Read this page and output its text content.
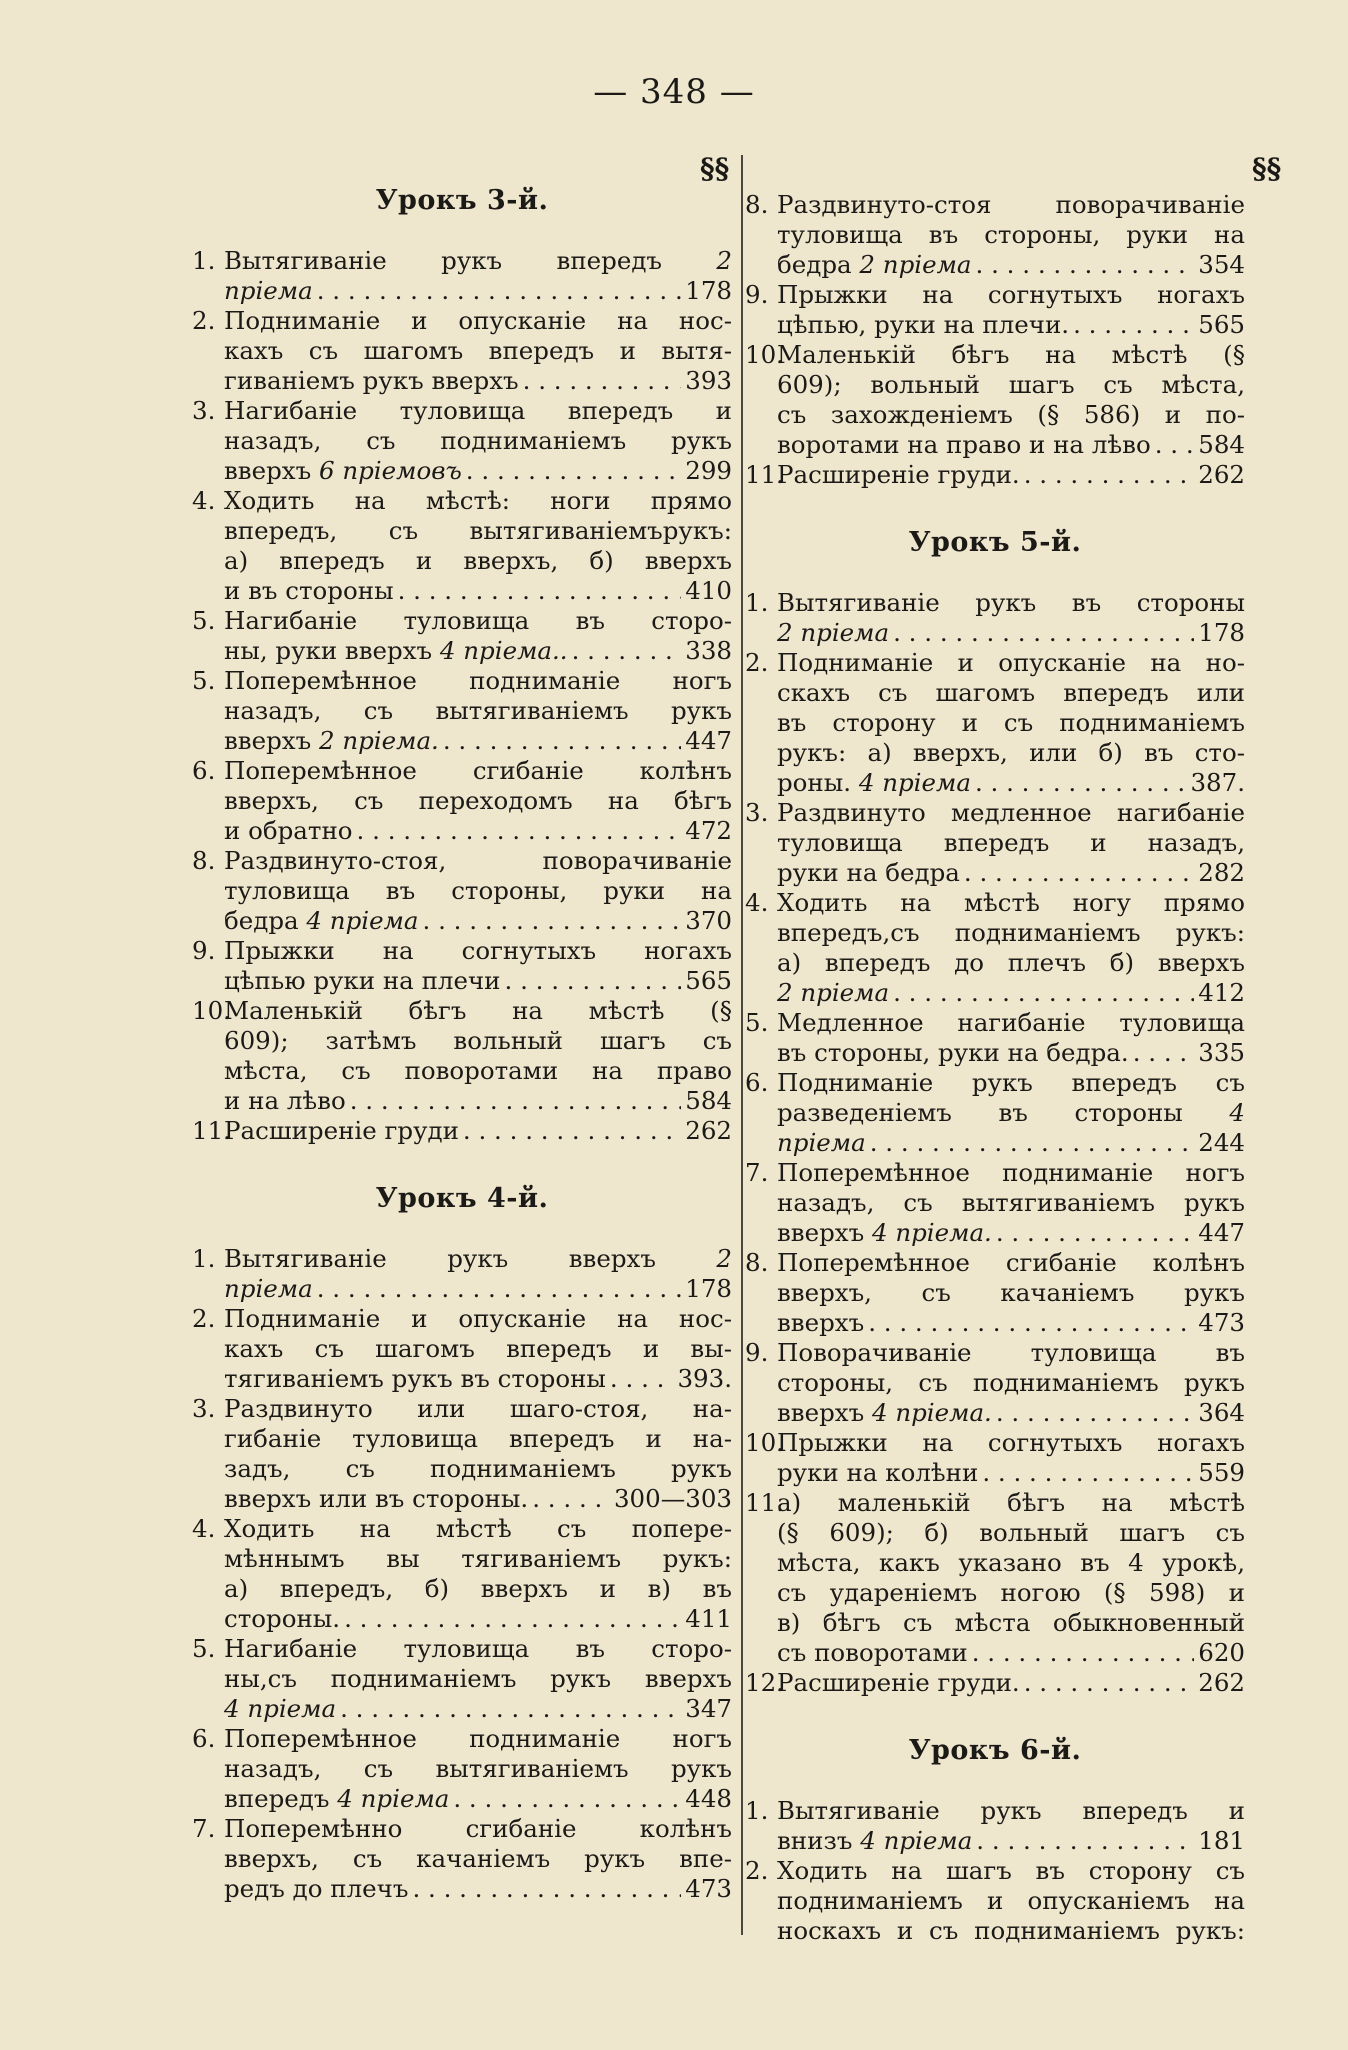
— 348 —
§§	§§
Урокъ 3-й.
1. Вытягиваніе рукъ впередъ 2
пріема . . .	178
2. Подниманіе и опусканіе на нос-
кахъ съ шагомъ впередъ и вытя-
гиваніемъ рукъ вверхъ . . .	393
3. Нагибаніе туловища впередъ и
назадъ, съ подниманіемъ рукъ
вверхъ 6 пріемовъ . . .	299
4. Ходить на мѣстѣ: ноги прямо
впередъ, съ вытягиваніемърукъ:
а) впередъ и вверхъ, б) вверхъ
и въ стороны . . .	410
5. Нагибаніе туловища въ сторо-
ны, руки вверхъ 4 пріема.. . . .	338
5. Поперемѣнное подниманіе ногъ
назадъ, съ вытягиваніемъ рукъ
вверхъ 2 пріема. . . .	447
6. Поперемѣнное сгибаніе колѣнъ
вверхъ, съ переходомъ на бѣгъ
и обратно . . .	472
8. Раздвинуто-стоя, поворачиваніе
туловища въ стороны, руки на
бедра 4 пріема . . .	370
9. Прыжки на согнутыхъ ногахъ
цѣпью руки на плечи . . .	565
10.
Маленькій бѣгъ на мѣстѣ (§
609); затѣмъ вольный шагъ съ
мѣста, съ поворотами на право
и на лѣво . . .	584
11.
Расширеніе груди . . .	262
Урокъ 4-й.
1. Вытягиваніе рукъ вверхъ 2
пріема . . .	178
2. Подниманіе и опусканіе на нос-
кахъ съ шагомъ впередъ и вы-
тягиваніемъ рукъ въ стороны . . .	393.
3. Раздвинуто или шаго-стоя, на-
гибаніе туловища впередъ и на-
задъ, съ подниманіемъ рукъ
вверхъ или въ стороны. . . .	300—303
4. Ходить на мѣстѣ съ попере-
мѣннымъ вы тягиваніемъ рукъ:
а) впередъ, б) вверхъ и в) въ
стороны. . . .	411
5. Нагибаніе туловища въ сторо-
ны,съ подниманіемъ рукъ вверхъ
4 пріема . . .	347
6. Поперемѣнное подниманіе ногъ
назадъ, съ вытягиваніемъ рукъ
впередъ 4 пріема . . .	448
7. Поперемѣнно сгибаніе колѣнъ
вверхъ, съ качаніемъ рукъ впе-
редъ до плечъ . . .	473
8. Раздвинуто-стоя поворачиваніе
туловища въ стороны, руки на
бедра 2 пріема . . .	354
9. Прыжки на согнутыхъ ногахъ
цѣпью, руки на плечи. . . .	565
10.
Маленькій бѣгъ на мѣстѣ (§
609); вольный шагъ съ мѣста,
съ захожденіемъ (§ 586) и по-
воротами на право и на лѣво . . . 584
11.
Расширеніе груди. . . .	262
Урокъ 5-й.
1. Вытягиваніе рукъ въ стороны
2 пріема . . .	178
2. Подниманіе и опусканіе на но-
скахъ съ шагомъ впередъ или
въ сторону и съ подниманіемъ
рукъ: а) вверхъ, или б) въ сто-
роны. 4 пріема . . .	387.
3. Раздвинуто медленное нагибаніе
туловища впередъ и назадъ,
руки на бедра . . .	282
4. Ходить на мѣстѣ ногу прямо
впередъ,съ подниманіемъ рукъ:
а) впередъ до плечъ б) вверхъ
2 пріема . . .	412
5. Медленное нагибаніе туловища
въ стороны, руки на бедра. . . .	335
6. Подниманіе рукъ впередъ съ
разведеніемъ въ стороны 4
пріема . . .	244
7. Поперемѣнное подниманіе ногъ
назадъ, съ вытягиваніемъ рукъ
вверхъ 4 пріема. . . .	447
8. Поперемѣнное сгибаніе колѣнъ
вверхъ, съ качаніемъ рукъ
вверхъ . . .	473
9. Поворачиваніе туловища въ
стороны, съ подниманіемъ рукъ
вверхъ 4 пріема. . . .	364
10.
Прыжки на согнутыхъ ногахъ
руки на колѣни . . .	559
11.
а) маленькій бѣгъ на мѣстѣ
(§ 609); б) вольный шагъ съ
мѣста, какъ указано въ 4 урокѣ,
съ удареніемъ ногою (§ 598) и
в) бѣгъ съ мѣста обыкновенный
съ поворотами . . .	620
12.
Расширеніе груди. . . .	262
Урокъ 6-й.
1. Вытягиваніе рукъ впередъ и
внизъ 4 пріема . . .	181
2. Ходить на шагъ въ сторону съ
подниманіемъ и опусканіемъ на
носкахъ и съ подниманіемъ рукъ:
